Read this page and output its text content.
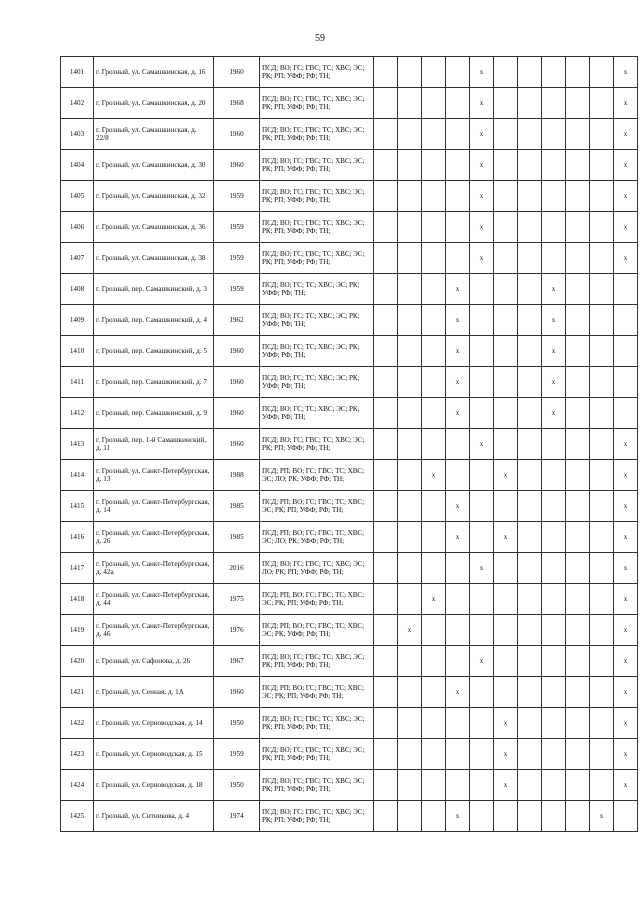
59
1401	г. Грозный, ул. Самашкинская, д. 16	1960	ПСД; ВО; ГС; ГВС; ТС; ХВС; ЭС; РК; РП; УФФ; РФ; ТН;					x						x
1402	г. Грозный, ул. Самашкинская, д. 20	1968	ПСД; ВО; ГС; ГВС; ТС; ХВС; ЭС; РК; РП; УФФ; РФ; ТН;					x						x
1403	г. Грозный, ул. Самашкинская, д. 22/8	1960	ПСД; ВО; ГС; ГВС; ТС; ХВС; ЭС; РК; РП; УФФ; РФ; ТН;					x						x
1404	г. Грозный, ул. Самашкинская, д. 30	1960	ПСД; ВО; ГС; ГВС; ТС; ХВС; ЭС; РК; РП; УФФ; РФ; ТН;					x						x
1405	г. Грозный, ул. Самашкинская, д. 32	1959	ПСД; ВО; ГС; ГВС; ТС; ХВС; ЭС; РК; РП; УФФ; РФ; ТН;					x						x
1406	г. Грозный, ул. Самашкинская, д. 36	1959	ПСД; ВО; ГС; ГВС; ТС; ХВС; ЭС; РК; РП; УФФ; РФ; ТН;					x						x
1407	г. Грозный, ул. Самашкинская, д. 38	1959	ПСД; ВО; ГС; ГВС; ТС; ХВС; ЭС; РК; РП; УФФ; РФ; ТН;					x						x
1408	г. Грозный, пер. Самашкинский, д. 3	1959	ПСД; ВО; ГС; ТС; ХВС; ЭС; РК; УФФ; РФ; ТН;				x				x			
1409	г. Грозный, пер. Самашкинский, д. 4	1962	ПСД; ВО; ГС; ТС; ХВС; ЭС; РК; УФФ; РФ; ТН;				x				x			
1410	г. Грозный, пер. Самашкинский, д. 5	1960	ПСД; ВО; ГС; ТС; ХВС; ЭС; РК; УФФ; РФ; ТН;				x				x			
1411	г. Грозный, пер. Самашкинский, д. 7	1960	ПСД; ВО; ГС; ТС; ХВС; ЭС; РК; УФФ; РФ; ТН;				x				x			
1412	г. Грозный, пер. Самашкинский, д. 9	1960	ПСД; ВО; ГС; ТС; ХВС; ЭС; РК; УФФ; РФ; ТН;				x				x			
1413	г. Грозный, пер. 1-й Самашкинский, д. 11	1960	ПСД; ВО; ГС; ГВС; ТС; ХВС; ЭС; РК; РП; УФФ; РФ; ТН;					x						x
1414	г. Грозный, ул. Санкт-Петербургская, д. 13	1988	ПСД; РП; ВО; ГС; ГВС; ТС; ХВС; ЭС; ЛО; РК; УФФ; РФ; ТН;			x			x					x
1415	г. Грозный, ул. Санкт-Петербургская, д. 14	1985	ПСД; РП; ВО; ГС; ГВС; ТС; ХВС; ЭС; РК; РП; УФФ; РФ; ТН;				x							x
1416	г. Грозный, ул. Санкт-Петербургская, д. 26	1985	ПСД; РП; ВО; ГС; ГВС; ТС; ХВС; ЭС; ЛО; РК; УФФ; РФ; ТН;				x		x					x
1417	г. Грозный, ул. Санкт-Петербургская, д. 42а	2016	ПСД; ВО; ГС; ГВС; ТС; ХВС; ЭС; ЛО; РК; РП; УФФ; РФ; ТН;					x						x
1418	г. Грозный, ул. Санкт-Петербургская, д. 44	1975	ПСД; РП; ВО; ГС; ГВС; ТС; ХВС; ЭС; РК; РП; УФФ; РФ; ТН;			x								x
1419	г. Грозный, ул. Санкт-Петербургская, д. 46	1976	ПСД; РП; ВО; ГС; ГВС; ТС; ХВС; ЭС; РК; УФФ; РФ; ТН;		x									x
1420	г. Грозный, ул. Сафонова, д. 26	1967	ПСД; ВО; ГС; ГВС; ТС; ХВС; ЭС; РК; РП; УФФ; РФ; ТН;					x						x
1421	г. Грозный, ул. Сенная, д. 1А	1960	ПСД; РП; ВО; ГС; ГВС; ТС; ХВС; ЭС; РК; РП; УФФ; РФ; ТН;				x							x
1422	г. Грозный, ул. Серноводская, д. 14	1950	ПСД; ВО; ГС; ГВС; ТС; ХВС; ЭС; РК; РП; УФФ; РФ; ТН;						x					x
1423	г. Грозный, ул. Серноводская, д. 15	1959	ПСД; ВО; ГС; ГВС; ТС; ХВС; ЭС; РК; РП; УФФ; РФ; ТН;						x					x
1424	г. Грозный, ул. Серноводская, д. 18	1950	ПСД; ВО; ГС; ГВС; ТС; ХВС; ЭС; РК; РП; УФФ; РФ; ТН;						x					x
1425	г. Грозный, ул. Ситникова, д. 4	1974	ПСД; ВО; ГС; ГВС; ТС; ХВС; ЭС; РК; РП; УФФ; РФ; ТН;				x						x	
